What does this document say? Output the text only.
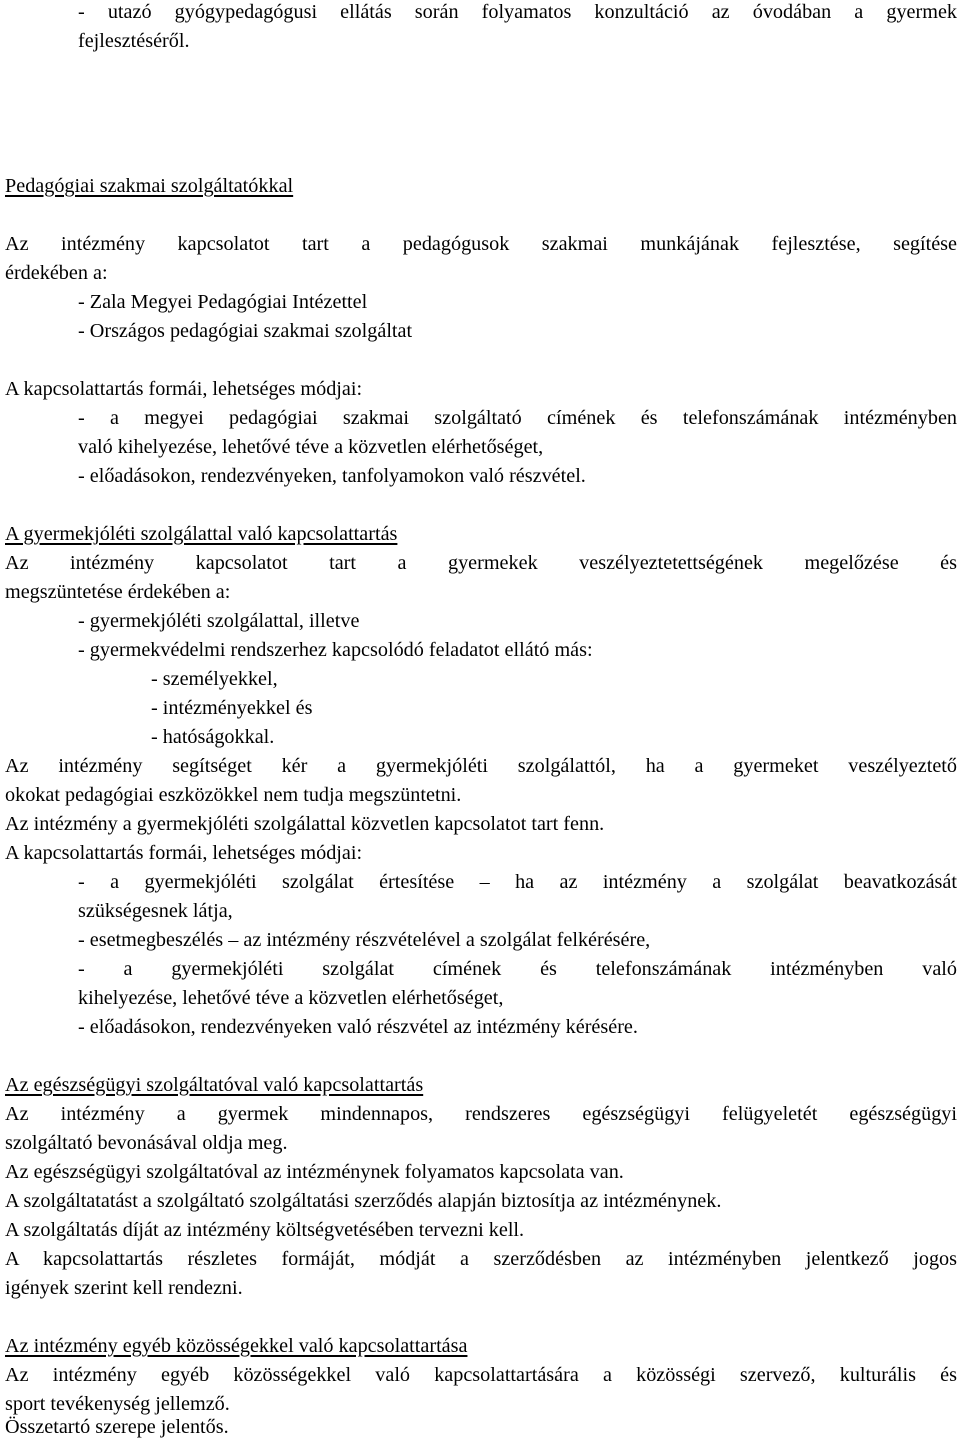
- utazó gyógypedagógusi ellátás során folyamatos konzultáció az óvodában a gyermek
fejlesztéséről.
Pedagógiai szakmai szolgáltatókkal
Az intézmény kapcsolatot tart a pedagógusok szakmai munkájának fejlesztése, segítése
érdekében a:
- Zala Megyei Pedagógiai Intézettel
- Országos pedagógiai szakmai szolgáltat
A kapcsolattartás formái, lehetséges módjai:
- a megyei pedagógiai szakmai szolgáltató címének és telefonszámának intézményben
való kihelyezése, lehetővé téve a közvetlen elérhetőséget,
- előadásokon, rendezvényeken, tanfolyamokon való részvétel.
A gyermekjóléti szolgálattal való kapcsolattartás
Az intézmény kapcsolatot tart a gyermekek veszélyeztetettségének megelőzése és
megszüntetése érdekében a:
- gyermekjóléti szolgálattal, illetve
- gyermekvédelmi rendszerhez kapcsolódó feladatot ellátó más:
- személyekkel,
- intézményekkel és
- hatóságokkal.
Az intézmény segítséget kér a gyermekjóléti szolgálattól, ha a gyermeket veszélyeztető
okokat pedagógiai eszközökkel nem tudja megszüntetni.
Az intézmény a gyermekjóléti szolgálattal közvetlen kapcsolatot tart fenn.
A kapcsolattartás formái, lehetséges módjai:
- a gyermekjóléti szolgálat értesítése – ha az intézmény a szolgálat beavatkozását
szükségesnek látja,
- esetmegbeszélés – az intézmény részvételével a szolgálat felkérésére,
- a gyermekjóléti szolgálat címének és telefonszámának intézményben való
kihelyezése, lehetővé téve a közvetlen elérhetőséget,
- előadásokon, rendezvényeken való részvétel az intézmény kérésére.
Az egészségügyi szolgáltatóval való kapcsolattartás
Az intézmény a gyermek mindennapos, rendszeres egészségügyi felügyeletét egészségügyi
szolgáltató bevonásával oldja meg.
Az egészségügyi szolgáltatóval az intézménynek folyamatos kapcsolata van.
A szolgáltatatást a szolgáltató szolgáltatási szerződés alapján biztosítja az intézménynek.
A szolgáltatás díját az intézmény költségvetésében tervezni kell.
A kapcsolattartás részletes formáját, módját a szerződésben az intézményben jelentkező jogos
igények szerint kell rendezni.
Az intézmény egyéb közösségekkel való kapcsolattartása
Az intézmény egyéb közösségekkel való kapcsolattartására a közösségi szervező, kulturális és
sport tevékenység jellemző.
Összetartó szerepe jelentős.
